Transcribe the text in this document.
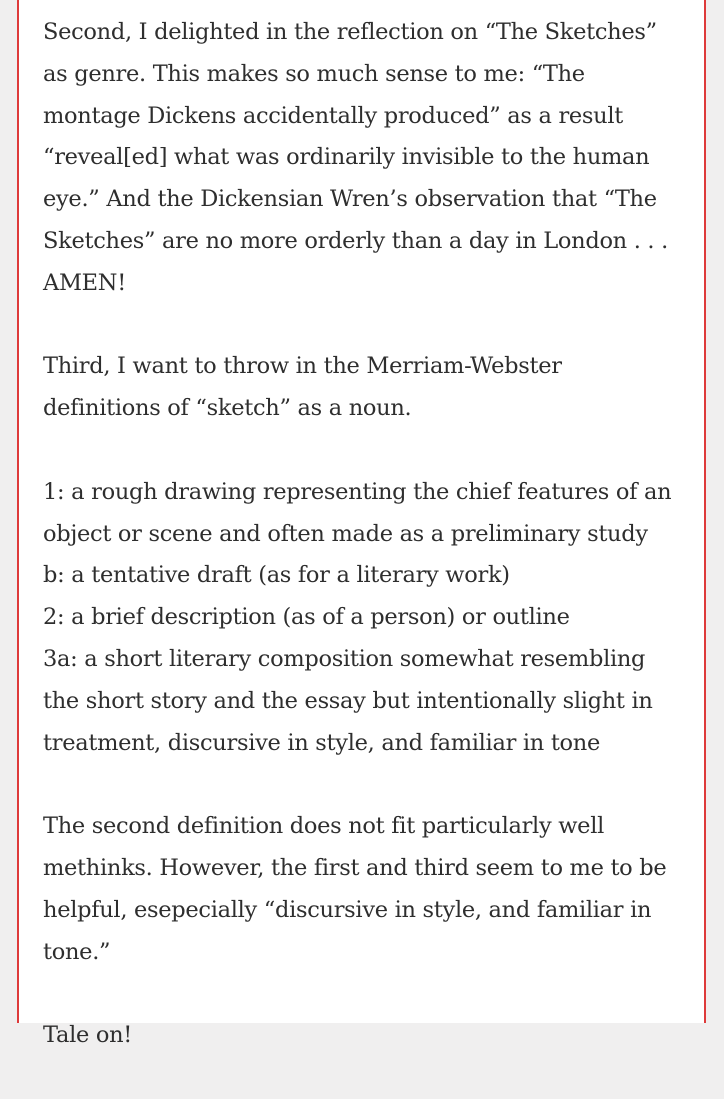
Second, I delighted in the reflection on “The Sketches” as genre. This makes so much sense to me: “The montage Dickens accidentally produced” as a result “reveal[ed] what was ordinarily invisible to the human eye.” And the Dickensian Wren’s observation that “The Sketches” are no more orderly than a day in London . . . AMEN!

Third, I want to throw in the Merriam-Webster definitions of “sketch” as a noun.

1: a rough drawing representing the chief features of an object or scene and often made as a preliminary study

b: a tentative draft (as for a literary work)

2: a brief description (as of a person) or outline

3a: a short literary composition somewhat resembling the short story and the essay but intentionally slight in treatment, discursive in style, and familiar in tone

The second definition does not fit particularly well methinks. However, the first and third seem to me to be helpful, esepecially “discursive in style, and familiar in tone.”

Tale on!
